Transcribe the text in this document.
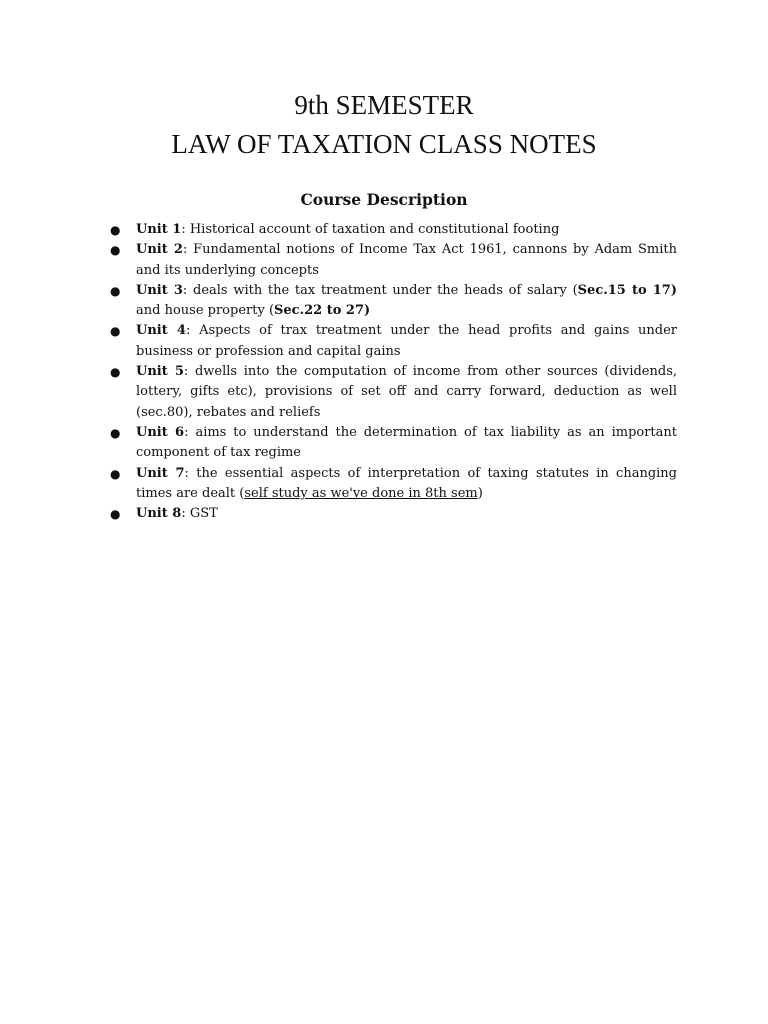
9th SEMESTER
LAW OF TAXATION CLASS NOTES
Course Description
● Unit 1: Historical account of taxation and constitutional footing
● Unit 2: Fundamental notions of Income Tax Act 1961, cannons by Adam Smith and its underlying concepts
● Unit 3: deals with the tax treatment under the heads of salary (Sec.15 to 17) and house property (Sec.22 to 27)
● Unit 4: Aspects of trax treatment under the head profits and gains under business or profession and capital gains
● Unit 5: dwells into the computation of income from other sources (dividends, lottery, gifts etc), provisions of set off and carry forward, deduction as well (sec.80), rebates and reliefs
● Unit 6: aims to understand the determination of tax liability as an important component of tax regime
● Unit 7: the essential aspects of interpretation of taxing statutes in changing times are dealt (self study as we've done in 8th sem)
● Unit 8: GST
